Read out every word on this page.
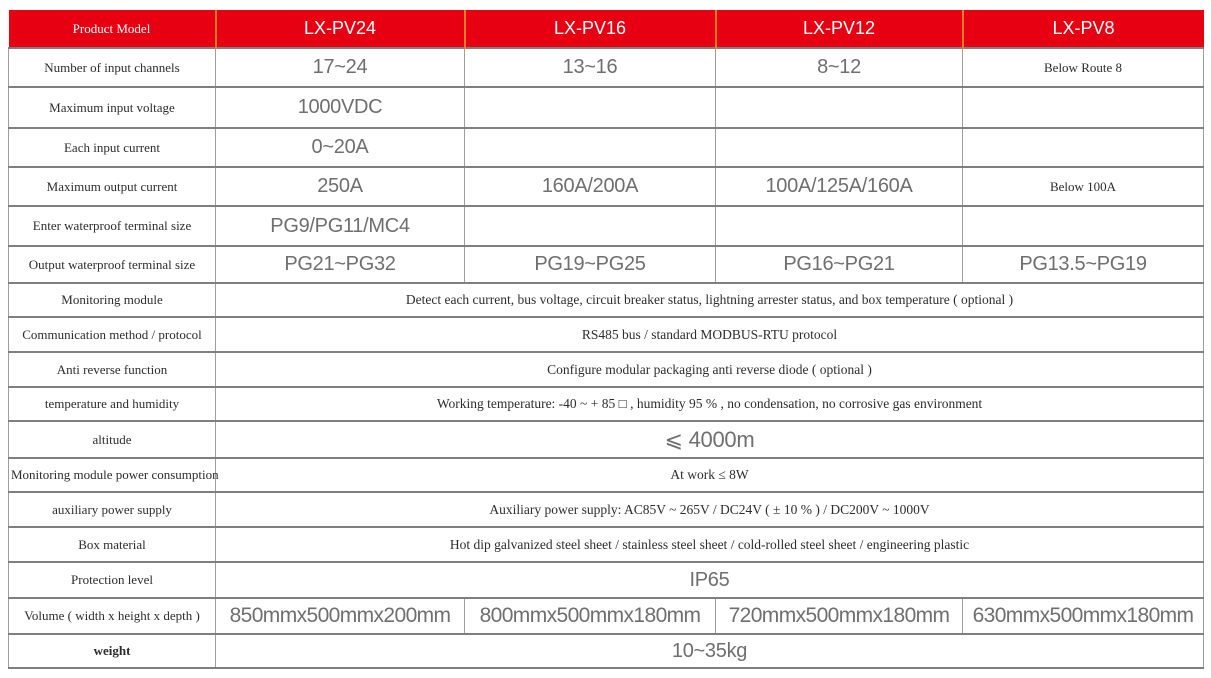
Product Model	LX-PV24	LX-PV16	LX-PV12	LX-PV8
Number of input channels	17~24	13~16	8~12	Below Route 8
Maximum input voltage	1000VDC			
Each input current	0~20A			
Maximum output current	250A	160A/200A	100A/125A/160A	Below 100A
Enter waterproof terminal size	PG9/PG11/MC4			
Output waterproof terminal size	PG21~PG32	PG19~PG25	PG16~PG21	PG13.5~PG19
Monitoring module	Detect each current, bus voltage, circuit breaker status, lightning arrester status, and box temperature ( optional )			
Communication method / protocol	RS485 bus / standard MODBUS-RTU protocol			
Anti reverse function	Configure modular packaging anti reverse diode ( optional )			
temperature and humidity	Working temperature: -40 ~ + 85 □ , humidity 95 % , no condensation, no corrosive gas environment			
altitude	⩽ 4000m			
Monitoring module power consumption	At work ≤ 8W			
auxiliary power supply	Auxiliary power supply: AC85V ~ 265V / DC24V ( ± 10 % ) / DC200V ~ 1000V			
Box material	Hot dip galvanized steel sheet / stainless steel sheet / cold-rolled steel sheet / engineering plastic			
Protection level	IP65			
Volume ( width x height x depth )	850mmx500mmx200mm	800mmx500mmx180mm	720mmx500mmx180mm	630mmx500mmx180mm
weight	10~35kg			
